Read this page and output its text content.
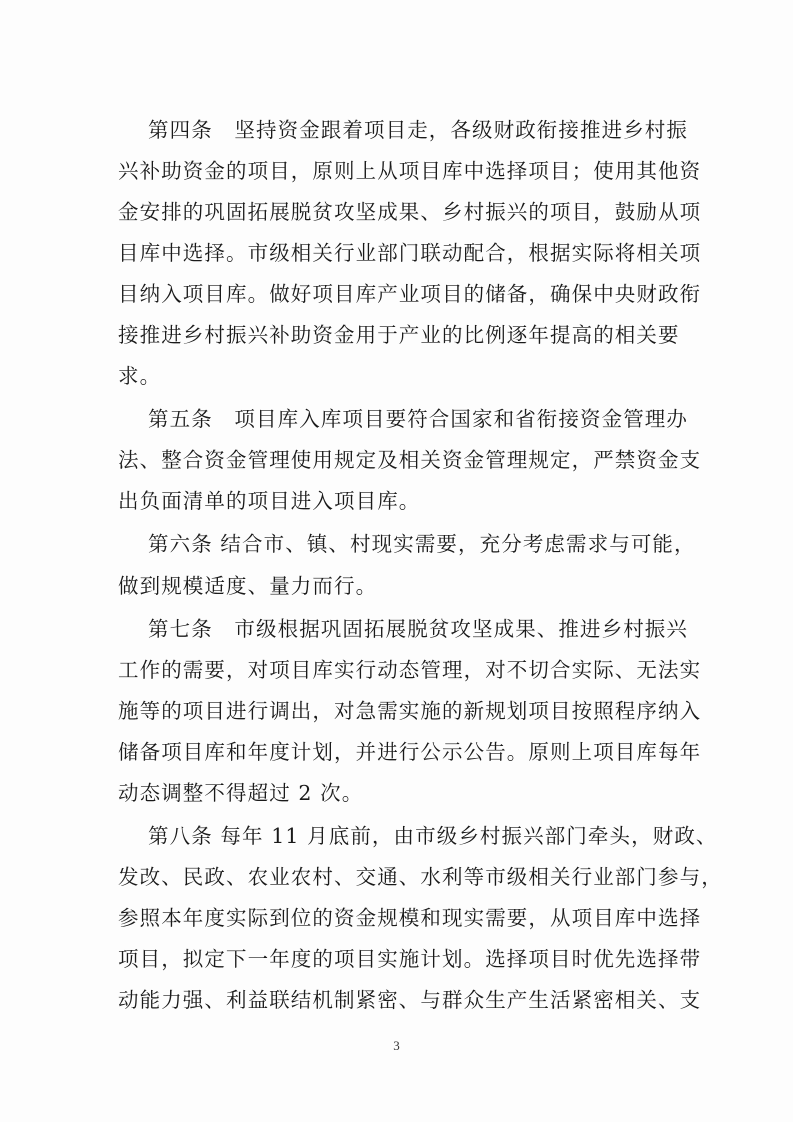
第四条　坚持资金跟着项目走，各级财政衔接推进乡村振
兴补助资金的项目，原则上从项目库中选择项目；使用其他资
金安排的巩固拓展脱贫攻坚成果、乡村振兴的项目，鼓励从项
目库中选择。市级相关行业部门联动配合，根据实际将相关项
目纳入项目库。做好项目库产业项目的储备，确保中央财政衔
接推进乡村振兴补助资金用于产业的比例逐年提高的相关要
求。
第五条　项目库入库项目要符合国家和省衔接资金管理办
法、整合资金管理使用规定及相关资金管理规定，严禁资金支
出负面清单的项目进入项目库。
第六条 结合市、镇、村现实需要，充分考虑需求与可能，
做到规模适度、量力而行。
第七条　市级根据巩固拓展脱贫攻坚成果、推进乡村振兴
工作的需要，对项目库实行动态管理，对不切合实际、无法实
施等的项目进行调出，对急需实施的新规划项目按照程序纳入
储备项目库和年度计划，并进行公示公告。原则上项目库每年
动态调整不得超过 2 次。
第八条 每年 11 月底前，由市级乡村振兴部门牵头，财政、
发改、民政、农业农村、交通、水利等市级相关行业部门参与，
参照本年度实际到位的资金规模和现实需要，从项目库中选择
项目，拟定下一年度的项目实施计划。选择项目时优先选择带
动能力强、利益联结机制紧密、与群众生产生活紧密相关、支
3
